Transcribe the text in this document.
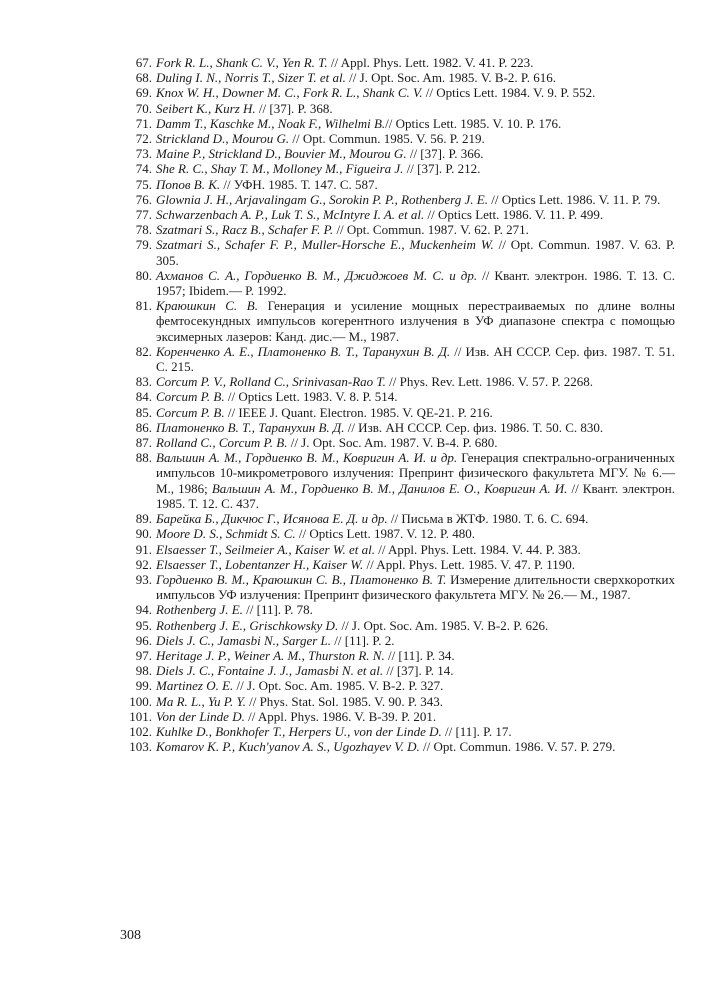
67. Fork R. L., Shank C. V., Yen R. T. // Appl. Phys. Lett. 1982. V. 41. P. 223.
68. Duling I. N., Norris T., Sizer T. et al. // J. Opt. Soc. Am. 1985. V. B-2. P. 616.
69. Knox W. H., Downer M. C., Fork R. L., Shank C. V. // Optics Lett. 1984. V. 9. P. 552.
70. Seibert K., Kurz H. // [37]. P. 368.
71. Damm T., Kaschke M., Noak F., Wilhelmi B.// Optics Lett. 1985. V. 10. P. 176.
72. Strickland D., Mourou G. // Opt. Commun. 1985. V. 56. P. 219.
73. Maine P., Strickland D., Bouvier M., Mourou G. // [37]. P. 366.
74. She R. C., Shay T. M., Molloney M., Figueira J. // [37]. P. 212.
75. Попов В. К. // УФН. 1985. Т. 147. С. 587.
76. Glownia J. H., Arjavalingam G., Sorokin P. P., Rothenberg J. E. // Optics Lett. 1986. V. 11. P. 79.
77. Schwarzenbach A. P., Luk T. S., McIntyre I. A. et al. // Optics Lett. 1986. V. 11. P. 499.
78. Szatmari S., Racz B., Schafer F. P. // Opt. Commun. 1987. V. 62. P. 271.
79. Szatmari S., Schafer F. P., Muller-Horsche E., Muckenheim W. // Opt. Commun. 1987. V. 63. P. 305.
80. Ахманов С. А., Гордиенко В. М., Джиджоев М. С. и др. // Квант. электрон. 1986. Т. 13. С. 1957; Ibidem.— Р. 1992.
81. Краюшкин С. В. Генерация и усиление мощных перестраиваемых по длине волны фемтосекундных импульсов когерентного излучения в УФ диапазоне спектра с помощью эксимерных лазеров: Канд. дис.— М., 1987.
82. Коренченко А. Е., Платоненко В. Т., Таранухин В. Д. // Изв. АН СССР. Сер. физ. 1987. Т. 51. С. 215.
83. Corcum P. V., Rolland C., Srinivasan-Rao T. // Phys. Rev. Lett. 1986. V. 57. P. 2268.
84. Corcum P. B. // Optics Lett. 1983. V. 8. P. 514.
85. Corcum P. B. // IEEE J. Quant. Electron. 1985. V. QE-21. P. 216.
86. Платоненко В. Т., Таранухин В. Д. // Изв. АН СССР. Сер. физ. 1986. Т. 50. С. 830.
87. Rolland C., Corcum P. B. // J. Opt. Soc. Am. 1987. V. B-4. P. 680.
88. Вальшин А. М., Гордиенко В. М., Ковригин А. И. и др. Генерация спектрально-ограниченных импульсов 10-микрометрового излучения: Препринт физического факультета МГУ. № 6.— М., 1986; Вальшин А. М., Гордиенко В. М., Данилов Е. О., Ковригин А. И. // Квант. электрон. 1985. Т. 12. С. 437.
89. Барейка Б., Дикчюс Г., Исянова Е. Д. и др. // Письма в ЖТФ. 1980. Т. 6. С. 694.
90. Moore D. S., Schmidt S. C. // Optics Lett. 1987. V. 12. P. 480.
91. Elsaesser T., Seilmeier A., Kaiser W. et al. // Appl. Phys. Lett. 1984. V. 44. P. 383.
92. Elsaesser T., Lobentanzer H., Kaiser W. // Appl. Phys. Lett. 1985. V. 47. P. 1190.
93. Гордиенко В. М., Краюшкин С. В., Платоненко В. Т. Измерение длительности сверхкоротких импульсов УФ излучения: Препринт физического факультета МГУ. № 26.— М., 1987.
94. Rothenberg J. E. // [11]. P. 78.
95. Rothenberg J. E., Grischkowsky D. // J. Opt. Soc. Am. 1985. V. B-2. P. 626.
96. Diels J. C., Jamasbi N., Sarger L. // [11]. P. 2.
97. Heritage J. P., Weiner A. M., Thurston R. N. // [11]. P. 34.
98. Diels J. C., Fontaine J. J., Jamasbi N. et al. // [37]. P. 14.
99. Martinez O. E. // J. Opt. Soc. Am. 1985. V. B-2. P. 327.
100. Ma R. L., Yu P. Y. // Phys. Stat. Sol. 1985. V. 90. P. 343.
101. Von der Linde D. // Appl. Phys. 1986. V. B-39. P. 201.
102. Kuhlke D., Bonkhofer T., Herpers U., von der Linde D. // [11]. P. 17.
103. Komarov K. P., Kuch'yanov A. S., Ugozhayev V. D. // Opt. Commun. 1986. V. 57. P. 279.
308
